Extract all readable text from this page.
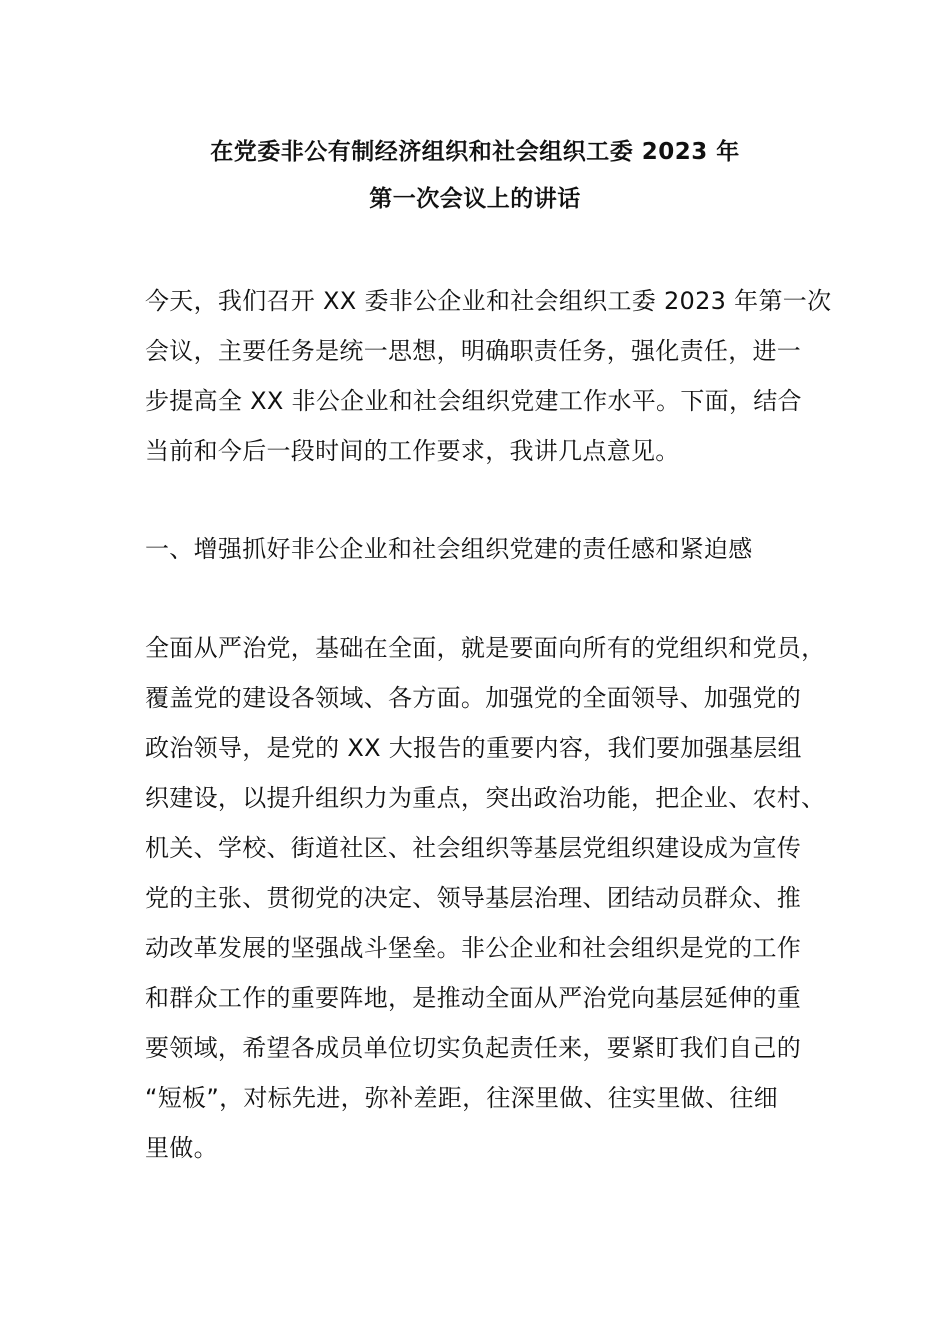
在党委非公有制经济组织和社会组织工委 2023 年
第一次会议上的讲话
今天，我们召开 XX 委非公企业和社会组织工委 2023 年第一次
会议，主要任务是统一思想，明确职责任务，强化责任，进一
步提高全 XX 非公企业和社会组织党建工作水平。下面，结合
当前和今后一段时间的工作要求，我讲几点意见。
一、增强抓好非公企业和社会组织党建的责任感和紧迫感
全面从严治党，基础在全面，就是要面向所有的党组织和党员，
覆盖党的建设各领域、各方面。加强党的全面领导、加强党的
政治领导，是党的 XX 大报告的重要内容，我们要加强基层组
织建设，以提升组织力为重点，突出政治功能，把企业、农村、
机关、学校、街道社区、社会组织等基层党组织建设成为宣传
党的主张、贯彻党的决定、领导基层治理、团结动员群众、推
动改革发展的坚强战斗堡垒。非公企业和社会组织是党的工作
和群众工作的重要阵地，是推动全面从严治党向基层延伸的重
要领域，希望各成员单位切实负起责任来，要紧盯我们自己的
“短板”，对标先进，弥补差距，往深里做、往实里做、往细
里做。
